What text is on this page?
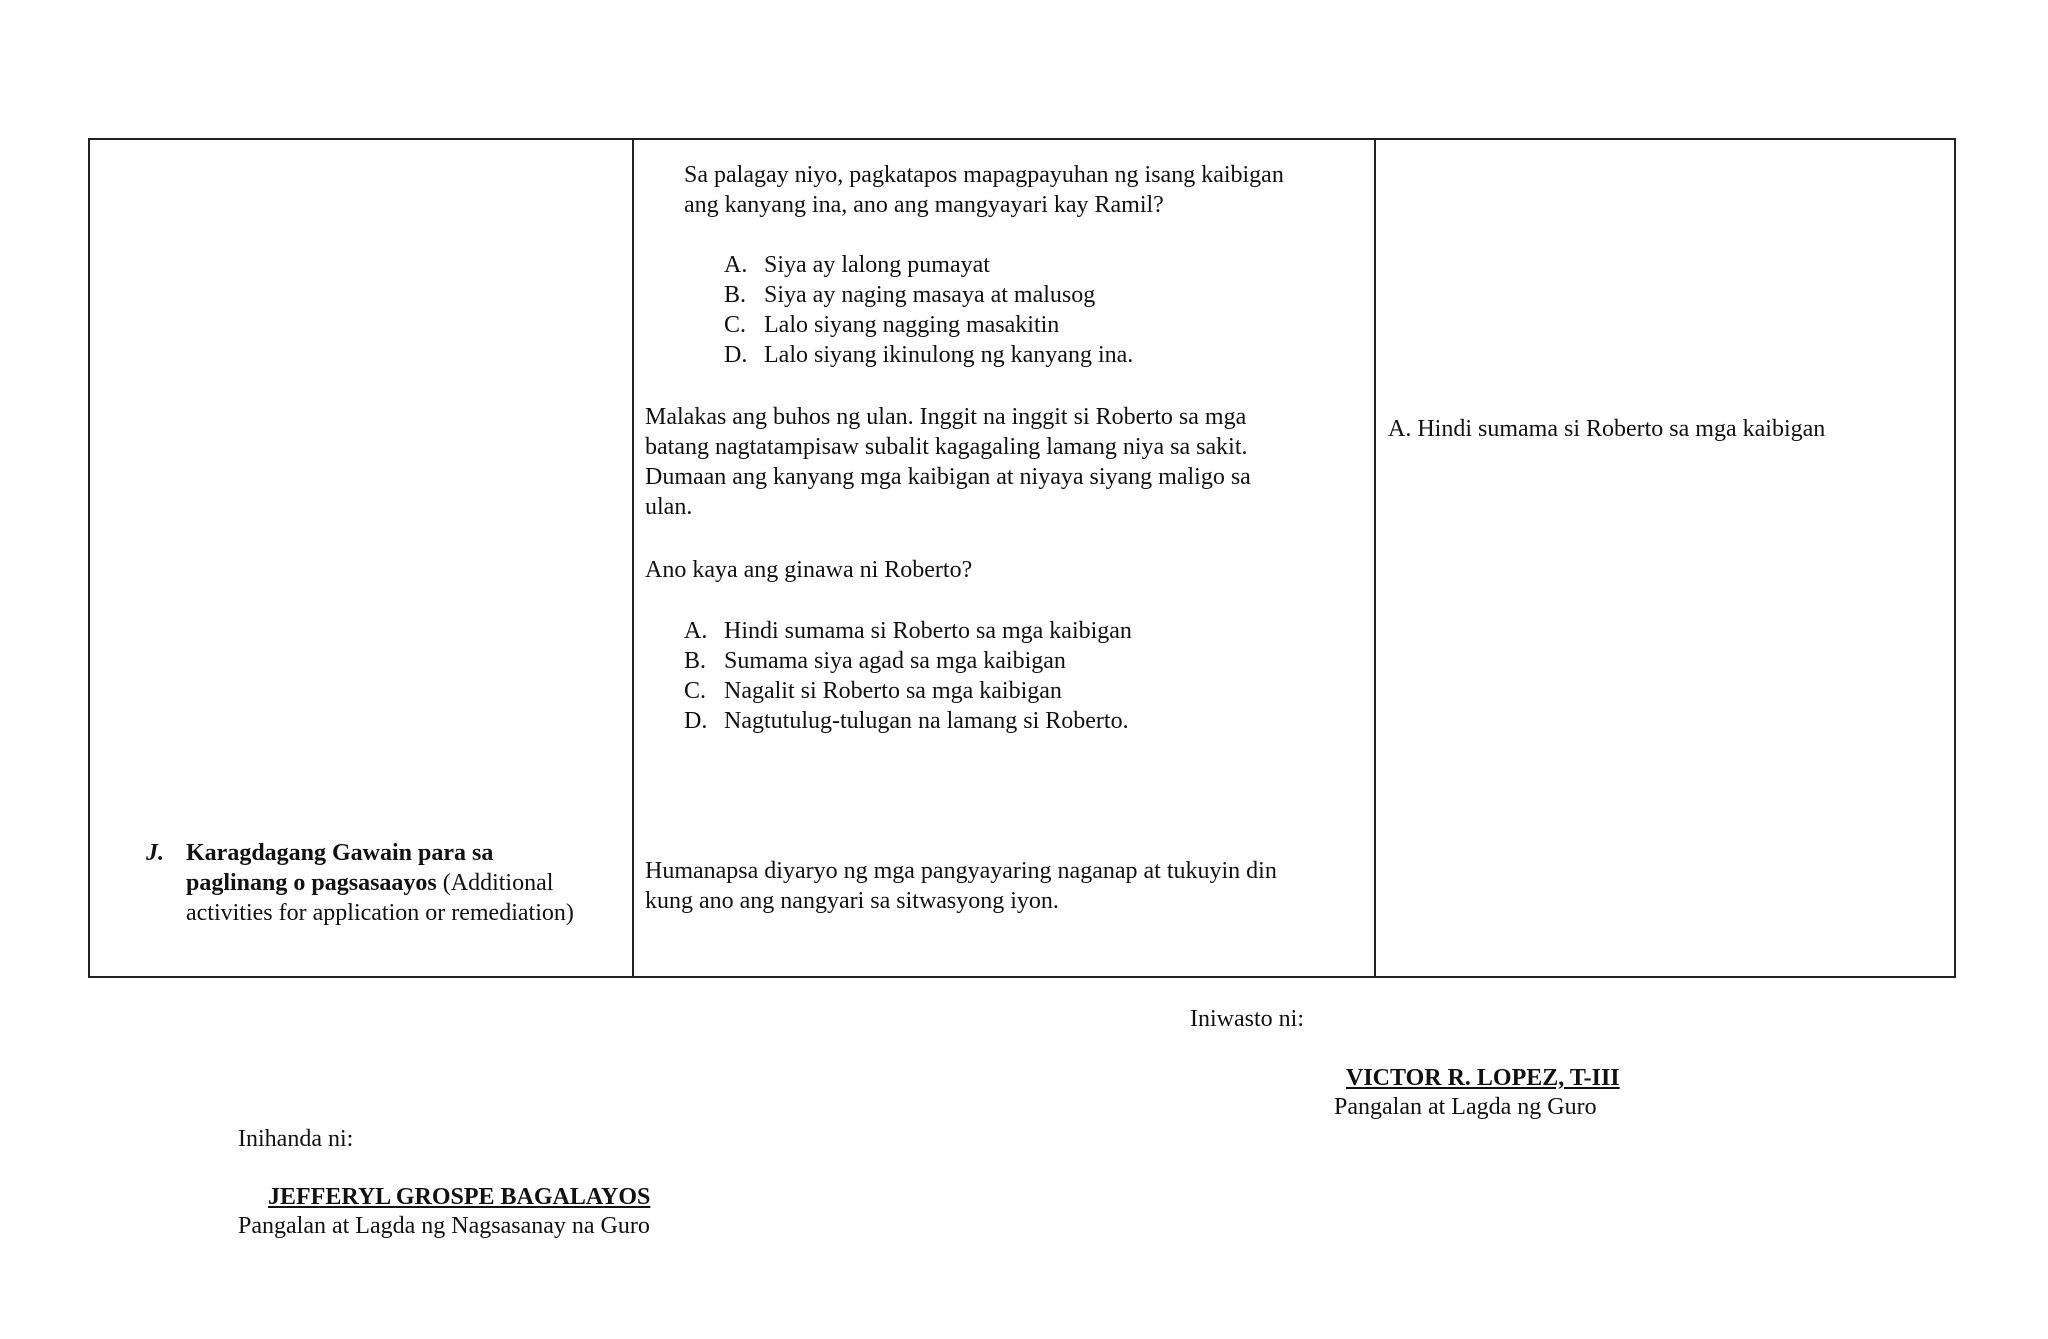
J. Karagdagang Gawain para sa
paglinang o pagsasaayos (Additional
activities for application or remediation)
Sa palagay niyo, pagkatapos mapagpayuhan ng isang kaibigan
ang kanyang ina, ano ang mangyayari kay Ramil?
A. Siya ay lalong pumayat
B. Siya ay naging masaya at malusog
C. Lalo siyang nagging masakitin
D. Lalo siyang ikinulong ng kanyang ina.
Malakas ang buhos ng ulan. Inggit na inggit si Roberto sa mga
batang nagtatampisaw subalit kagagaling lamang niya sa sakit.
Dumaan ang kanyang mga kaibigan at niyaya siyang maligo sa
ulan.
Ano kaya ang ginawa ni Roberto?
A. Hindi sumama si Roberto sa mga kaibigan
B. Sumama siya agad sa mga kaibigan
C. Nagalit si Roberto sa mga kaibigan
D. Nagtutulug-tulugan na lamang si Roberto.
Humanapsa diyaryo ng mga pangyayaring naganap at tukuyin din
kung ano ang nangyari sa sitwasyong iyon.
A. Hindi sumama si Roberto sa mga kaibigan
Iniwasto ni:
VICTOR R. LOPEZ, T-III
Pangalan at Lagda ng Guro
Inihanda ni:
JEFFERYL GROSPE BAGALAYOS
Pangalan at Lagda ng Nagsasanay na Guro
